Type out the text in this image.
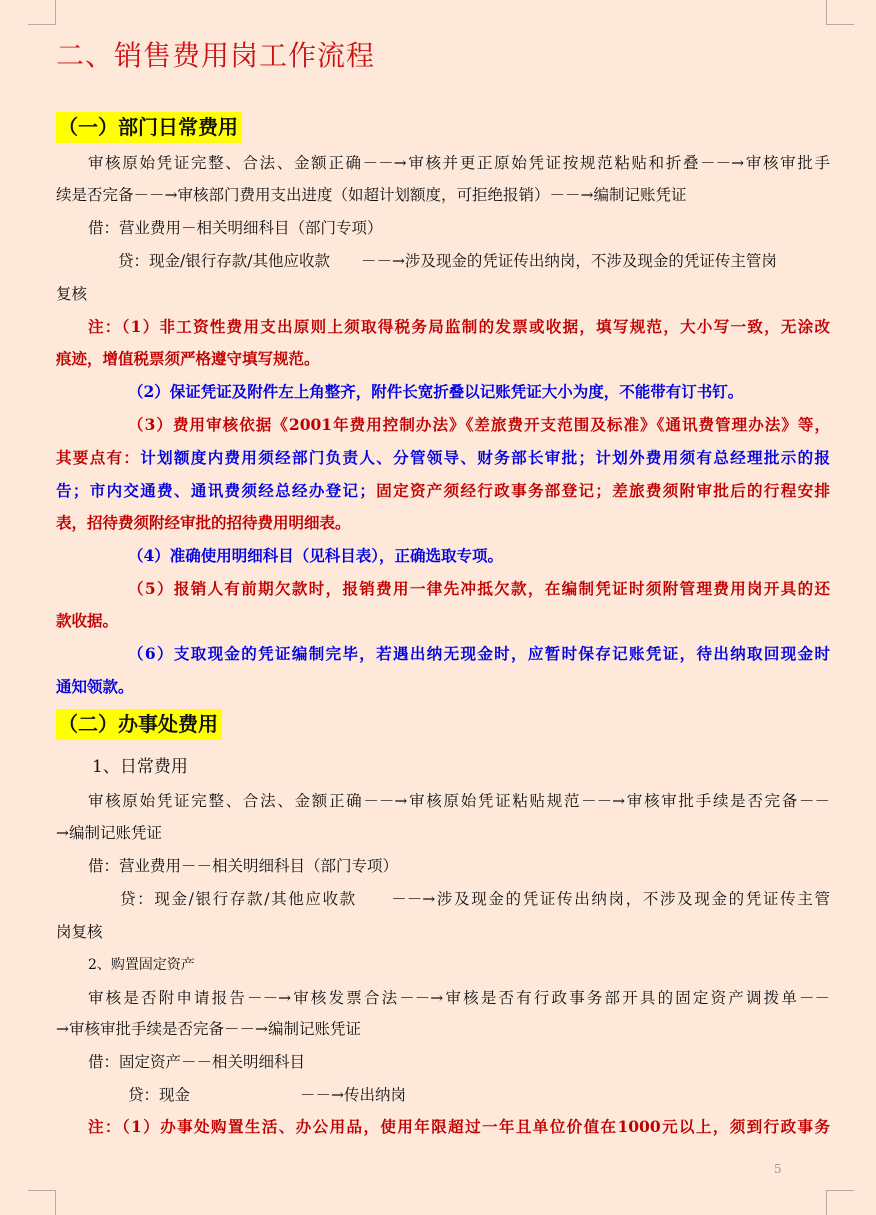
二、销售费用岗工作流程
（一）部门日常费用
（二）办事处费用
审核原始凭证完整、合法、金额正确－－→审核并更正原始凭证按规范粘贴和折叠－－→审核审批手
续是否完备－－→审核部门费用支出进度（如超计划额度，可拒绝报销）－－→编制记账凭证
借：营业费用－相关明细科目（部门专项）
贷：现金/银行存款/其他应收款　　－－→涉及现金的凭证传出纳岗，不涉及现金的凭证传主管岗
复核
注：（1）非工资性费用支出原则上须取得税务局监制的发票或收据，填写规范，大小写一致，无涂改
痕迹，增值税票须严格遵守填写规范。
（2）保证凭证及附件左上角整齐，附件长宽折叠以记账凭证大小为度，不能带有订书钉。
（3）费用审核依据《2001年费用控制办法》《差旅费开支范围及标准》《通讯费管理办法》等，
其要点有：计划额度内费用须经部门负责人、分管领导、财务部长审批；计划外费用须有总经理批示的报
告；市内交通费、通讯费须经总经办登记；固定资产须经行政事务部登记；差旅费须附审批后的行程安排
表，招待费须附经审批的招待费用明细表。
（4）准确使用明细科目（见科目表），正确选取专项。
（5）报销人有前期欠款时，报销费用一律先冲抵欠款，在编制凭证时须附管理费用岗开具的还
款收据。
（6）支取现金的凭证编制完毕，若遇出纳无现金时，应暂时保存记账凭证，待出纳取回现金时
通知领款。
1、日常费用
审核原始凭证完整、合法、金额正确－－→审核原始凭证粘贴规范－－→审核审批手续是否完备－－
→编制记账凭证
借：营业费用－－相关明细科目（部门专项）
贷：现金/银行存款/其他应收款　　－－→涉及现金的凭证传出纳岗，不涉及现金的凭证传主管
岗复核
2、购置固定资产
审核是否附申请报告－－→审核发票合法－－→审核是否有行政事务部开具的固定资产调拨单－－
→审核审批手续是否完备－－→编制记账凭证
借：固定资产－－相关明细科目
贷：现金	－－→传出纳岗
注：（1）办事处购置生活、办公用品，使用年限超过一年且单位价值在1000元以上，须到行政事务
5
